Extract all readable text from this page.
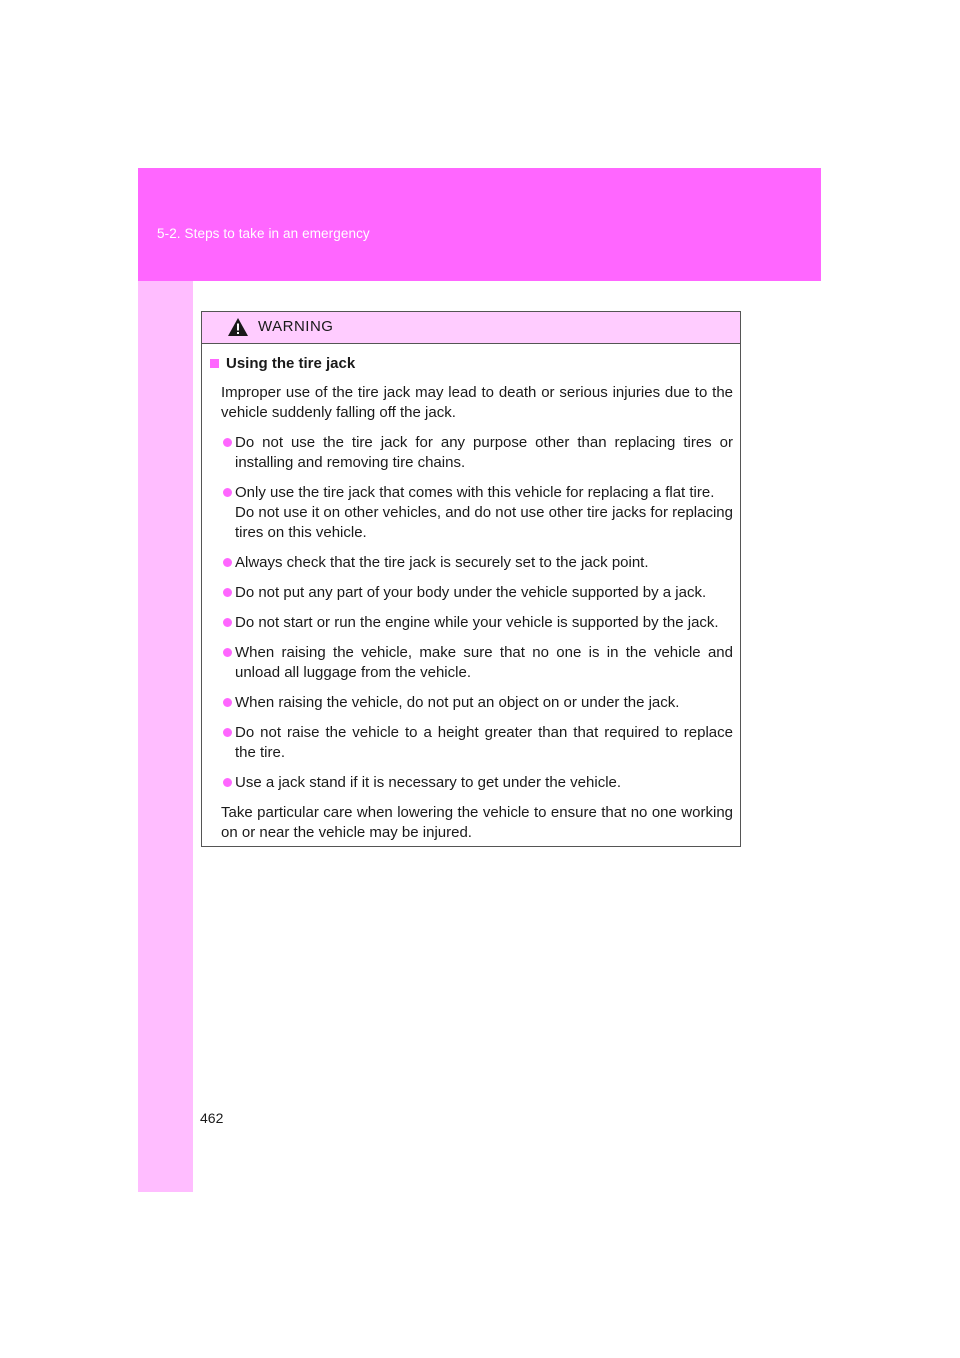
5-2. Steps to take in an emergency
WARNING
Using the tire jack
Improper use of the tire jack may lead to death or serious injuries due to the vehicle suddenly falling off the jack.
Do not use the tire jack for any purpose other than replacing tires or installing and removing tire chains.
Only use the tire jack that comes with this vehicle for replacing a flat tire.
Do not use it on other vehicles, and do not use other tire jacks for replacing tires on this vehicle.
Always check that the tire jack is securely set to the jack point.
Do not put any part of your body under the vehicle supported by a jack.
Do not start or run the engine while your vehicle is supported by the jack.
When raising the vehicle, make sure that no one is in the vehicle and unload all luggage from the vehicle.
When raising the vehicle, do not put an object on or under the jack.
Do not raise the vehicle to a height greater than that required to replace the tire.
Use a jack stand if it is necessary to get under the vehicle.
Take particular care when lowering the vehicle to ensure that no one working on or near the vehicle may be injured.
462
